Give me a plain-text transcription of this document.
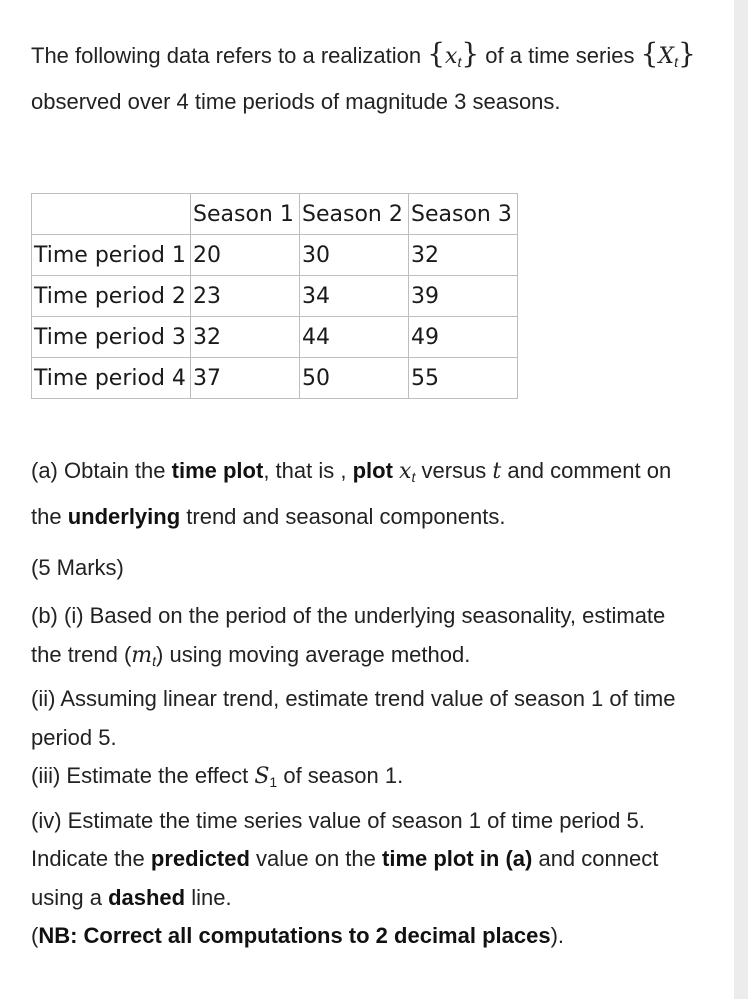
The following data refers to a realization $\{x_t\}$ of a time series $\{X_t\}$ observed over 4 time periods of magnitude 3 seasons.

	Season 1	Season 2	Season 3
Time period 1	20	30	32
Time period 2	23	34	39
Time period 3	32	44	49
Time period 4	37	50	55

(a) Obtain the time plot, that is , plot $x_t$ versus t and comment on the underlying trend and seasonal components.

(5 Marks)

(b) (i) Based on the period of the underlying seasonality, estimate the trend $(m_t)$ using moving average method.

(ii) Assuming linear trend, estimate trend value of season 1 of time period 5.

(iii) Estimate the effect S1 of season 1.

(iv) Estimate the time series value of season 1 of time period 5. Indicate the predicted value on the time plot in (a) and connect using a dashed line.

(NB: Correct all computations to 2 decimal places).
